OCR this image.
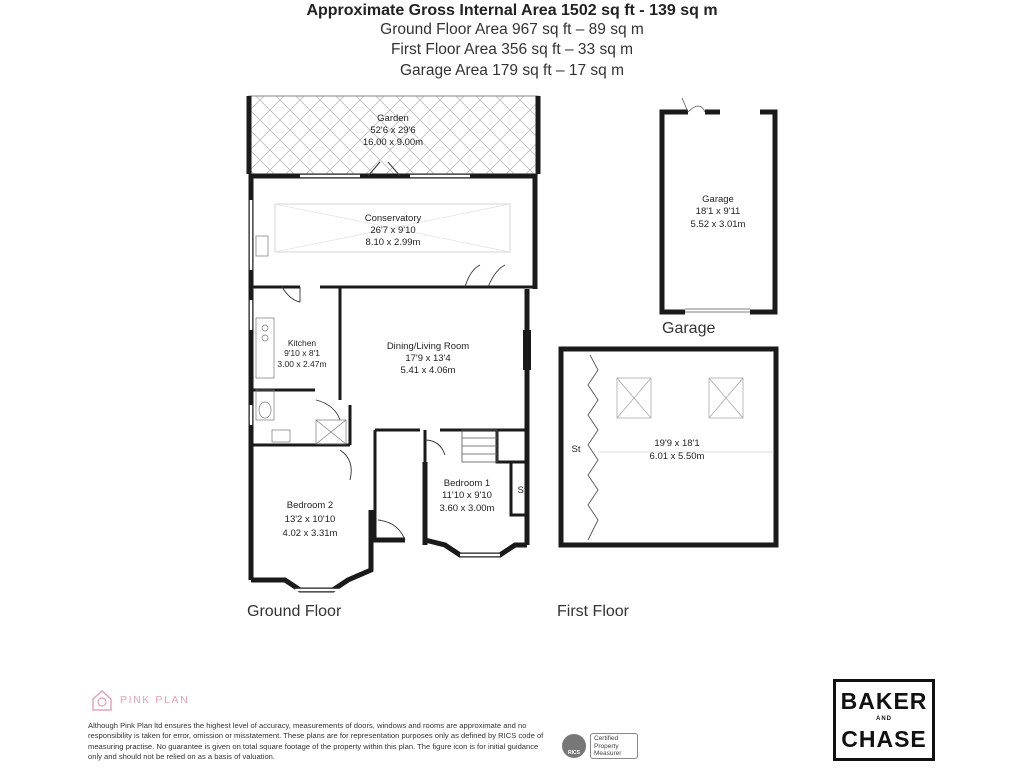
Approximate Gross Internal Area 1502 sq ft - 139 sq m
Ground Floor Area 967 sq ft – 89 sq m
First Floor Area 356 sq ft – 33 sq m
Garage Area 179 sq ft – 17 sq m
Garden
52'6 x 29'6
16.00 x 9.00m
Conservatory
26'7 x 9'10
8.10 x 2.99m
Kitchen
9'10 x 8'1
3.00 x 2.47m
Dining/Living Room
17'9 x 13'4
5.41 x 4.06m
Bedroom 2
13'2 x 10'10
4.02 x 3.31m
Bedroom 1
11'10 x 9'10
3.60 x 3.00m
St
Garage
18'1 x 9'11
5.52 x 3.01m
19'9 x 18'1
6.01 x 5.50m
St
Ground Floor	First Floor
Garage
PINK PLAN
Although Pink Plan ltd ensures the highest level of accuracy, measurements of doors, windows and rooms are approximate and no responsibility is taken for error, omission or misstatement. These plans are for representation purposes only as defined by RICS code of measuring practise. No guarantee is given on total square footage of the property within this plan. The figure icon is for initial guidance only and should not be relied on as a basis of valuation.	RICS
Certified Property Measurer
BAKER
AND
CHASE
